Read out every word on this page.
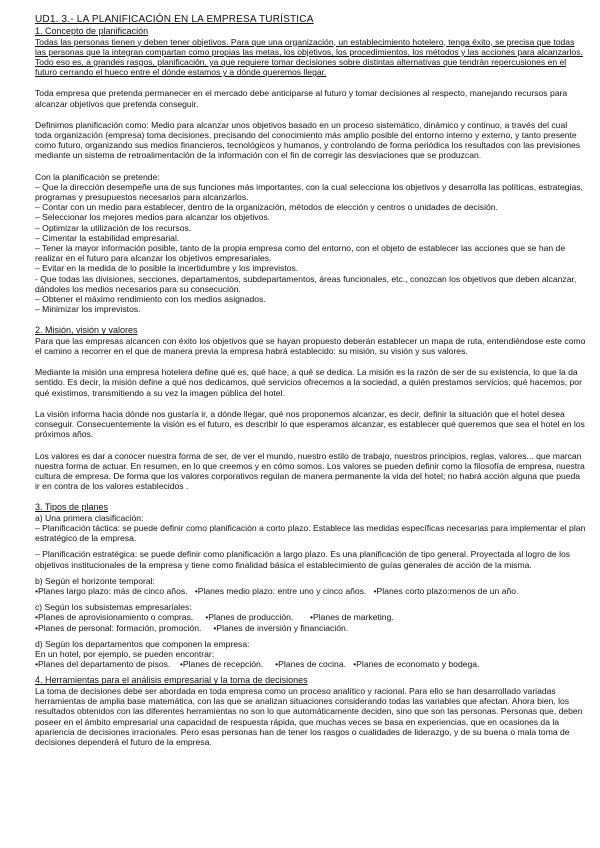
UD1. 3.- LA PLANIFICACIÓN EN LA EMPRESA TURÍSTICA

1. Concepto de planificación

Todas las personas tienen y deben tener objetivos. Para que una organización, un establecimiento hotelero, tenga éxito, se precisa que todas las personas que la integran compartan como propias las metas, los objetivos, los procedimientos, los métodos y las acciones para alcanzarlos. Todo eso es, a grandes rasgos, planificación, ya que requiere tomar decisiones sobre distintas alternativas que tendrán repercusiones en el futuro cerrando el hueco entre el dónde estamos y a dónde queremos llegar.

Toda empresa que pretenda permanecer en el mercado debe anticiparse al futuro y tomar decisiones al respecto, manejando recursos para alcanzar objetivos que pretenda conseguir.

Definimos planificación como: Medio para alcanzar unos objetivos basado en un proceso sistemático, dinámico y continuo, a través del cual toda organización (empresa) toma decisiones, precisando del conocimiento más amplio posible del entorno interno y externo, y tanto presente como futuro, organizando sus medios financieros, tecnológicos y humanos, y controlando de forma periódica los resultados con las previsiones mediante un sistema de retroalimentación de la información con el fin de corregir las desviaciones que se produzcan.

Con la planificación se pretende:

– Que la dirección desempeñe una de sus funciones más importantes, con la cual selecciona los objetivos y desarrolla las políticas, estrategias, programas y presupuestos necesarios para alcanzarlos.

– Contar con un medio para establecer, dentro de la organización, métodos de elección y centros o unidades de decisión.

– Seleccionar los mejores medios para alcanzar los objetivos.

– Optimizar la utilización de los recursos.

– Cimentar la estabilidad empresarial.

– Tener la mayor información posible, tanto de la propia empresa como del entorno, con el objeto de establecer las acciones que se han de realizar en el futuro para alcanzar los objetivos empresariales.

– Evitar en la medida de lo posible la incertidumbre y los imprevistos.

- Que todas las divisiones, secciones, departamentos, subdepartamentos, áreas funcionales, etc., conozcan los objetivos que deben alcanzar, dándoles los medios necesarios para su consecución.

– Obtener el máximo rendimiento con los medios asignados.

– Minimizar los imprevistos.

2. Misión, visión y valores

Para que las empresas alcancen con éxito los objetivos que se hayan propuesto deberán establecer un mapa de ruta, entendiéndose este como el camino a recorrer en el que de manera previa la empresa habrá establecido: su misión, su visión y sus valores.

Mediante la misión una empresa hotelera define qué es, qué hace, a qué se dedica. La misión es la razón de ser de su existencia, lo que la da sentido. Es decir, la misión define a qué nos dedicamos, qué servicios ofrecemos a la sociedad, a quién prestamos servicios, qué hacemos, por qué existimos, transmitiendo a su vez la imagen pública del hotel.

La visión informa hacia dónde nos gustaría ir, a dónde llegar, qué nos proponemos alcanzar, es decir, definir la situación que el hotel desea conseguir. Consecuentemente la visión es el futuro, es describir lo que esperamos alcanzar, es establecer qué queremos que sea el hotel en los próximos años.

Los valores es dar a conocer nuestra forma de ser, de ver el mundo, nuestro estilo de trabajo, nuestros principios, reglas, valores... que marcan nuestra forma de actuar. En resumen, en lo que creemos y en cómo somos. Los valores se pueden definir como la filosofía de empresa, nuestra cultura de empresa. De forma que los valores corporativos regulan de manera permanente la vida del hotel; no habrá acción alguna que pueda ir en contra de los valores establecidos .

3. Tipos de planes

a) Una primera clasificación:

– Planificación táctica: se puede definir como planificación a corto plazo. Establece las medidas específicas necesarias para implementar el plan estratégico de la empresa.

– Planificación estratégica: se puede definir como planificación a largo plazo. Es una planificación de tipo general. Proyectada al logro de los objetivos institucionales de la empresa y tiene como finalidad básica el establecimiento de guías generales de acción de la misma.

b) Según el horizonte temporal:

•Planes largo plazo: más de cinco años. •Planes medio plazo: entre uno y cinco años. •Planes corto plazo:menos de un año.

c) Según los subsistemas empresariales:

•Planes de aprovisionamiento o compras. •Planes de producción. •Planes de marketing.

•Planes de personal: formación, promoción. •Planes de inversión y financiación.

d) Según los departamentos que componen la empresa:

En un hotel, por ejemplo, se pueden encontrar:

•Planes del departamento de pisos. •Planes de recepción. •Planes de cocina. •Planes de economato y bodega.

4. Herramientas para el análisis empresarial y la toma de decisiones

La toma de decisiones debe ser abordada en toda empresa como un proceso analítico y racional. Para ello se han desarrollado variadas herramientas de amplia base matemática, con las que se analizan situaciones considerando todas las variables que afectan. Ahora bien, los resultados obtenidos con las diferentes herramientas no son lo que automáticamente deciden, sino que son las personas. Personas que, deben poseer en el ámbito empresarial una capacidad de respuesta rápida, que muchas veces se basa en experiencias, que en ocasiones da la apariencia de decisiones irracionales. Pero esas personas han de tener los rasgos o cualidades de liderazgo, y de su buena o mala toma de decisiones dependerá el futuro de la empresa.
